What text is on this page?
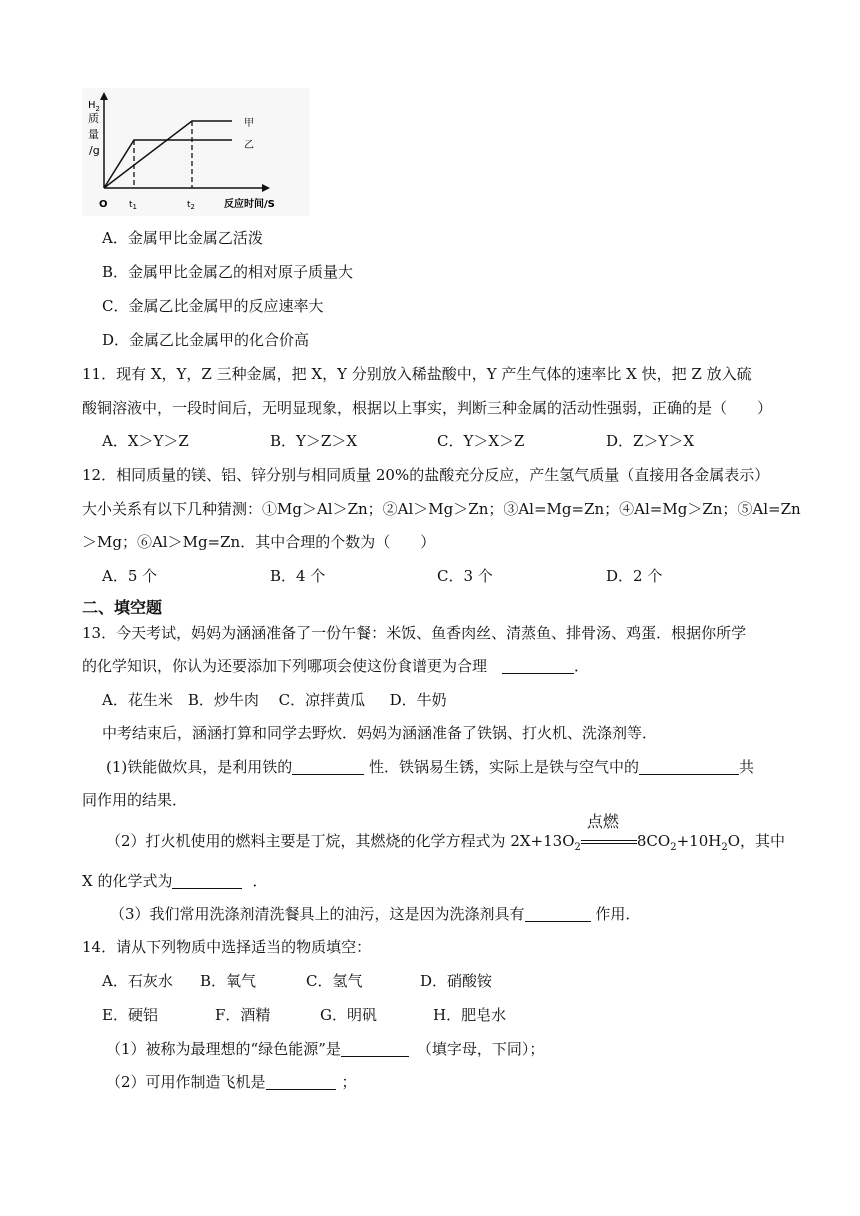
$H_2$
质
量
/g
O $t_1$	$t_2$	反应时间/S
甲
乙
A．金属甲比金属乙活泼
B．金属甲比金属乙的相对原子质量大
C．金属乙比金属甲的反应速率大
D．金属乙比金属甲的化合价高
11．现有 X，Y，Z 三种金属，把 X，Y 分别放入稀盐酸中，Y 产生气体的速率比 X 快，把 Z 放入硫
酸铜溶液中，一段时间后，无明显现象，根据以上事实，判断三种金属的活动性强弱，正确的是（　　）
A．X＞Y＞Z	B．Y＞Z＞X	C．Y＞X＞Z	D．Z＞Y＞X
12．相同质量的镁、铝、锌分别与相同质量 20%的盐酸充分反应，产生氢气质量（直接用各金属表示）
大小关系有以下几种猜测：①Mg＞Al＞Zn；②Al＞Mg＞Zn；③Al=Mg=Zn；④Al=Mg＞Zn；⑤Al=Zn
＞Mg；⑥Al＞Mg=Zn．其中合理的个数为（　　）
A．5 个	B．4 个	C．3 个	D．2 个
二、填空题
13．今天考试，妈妈为涵涵准备了一份午餐：米饭、鱼香肉丝、清蒸鱼、排骨汤、鸡蛋．根据你所学
的化学知识，你认为还要添加下列哪项会使这份食谱更为合理　	．
A．花生米　B．炒牛肉　 C．凉拌黄瓜 　 D．牛奶
中考结束后，涵涵打算和同学去野炊．妈妈为涵涵准备了铁锅、打火机、洗涤剂等．
(1)铁能做炊具，是利用铁的	性．铁锅易生锈，实际上是铁与空气中的	共
同作用的结果．
（2）打火机使用的燃料主要是丁烷，其燃烧的化学方程式为 $2X+13O_2$
点燃
$8CO_2+10H_2O$，其中
X 的化学式为	．
（3）我们常用洗涤剂清洗餐具上的油污，这是因为洗涤剂具有	作用．
14．请从下列物质中选择适当的物质填空：
A．石灰水 B．氧气	C．氢气	D．硝酸铵
E．硬铝	F．酒精	G．明矾	H．肥皂水
（1）被称为最理想的“绿色能源”是	（填字母，下同）；
（2）可用作制造飞机是	；
